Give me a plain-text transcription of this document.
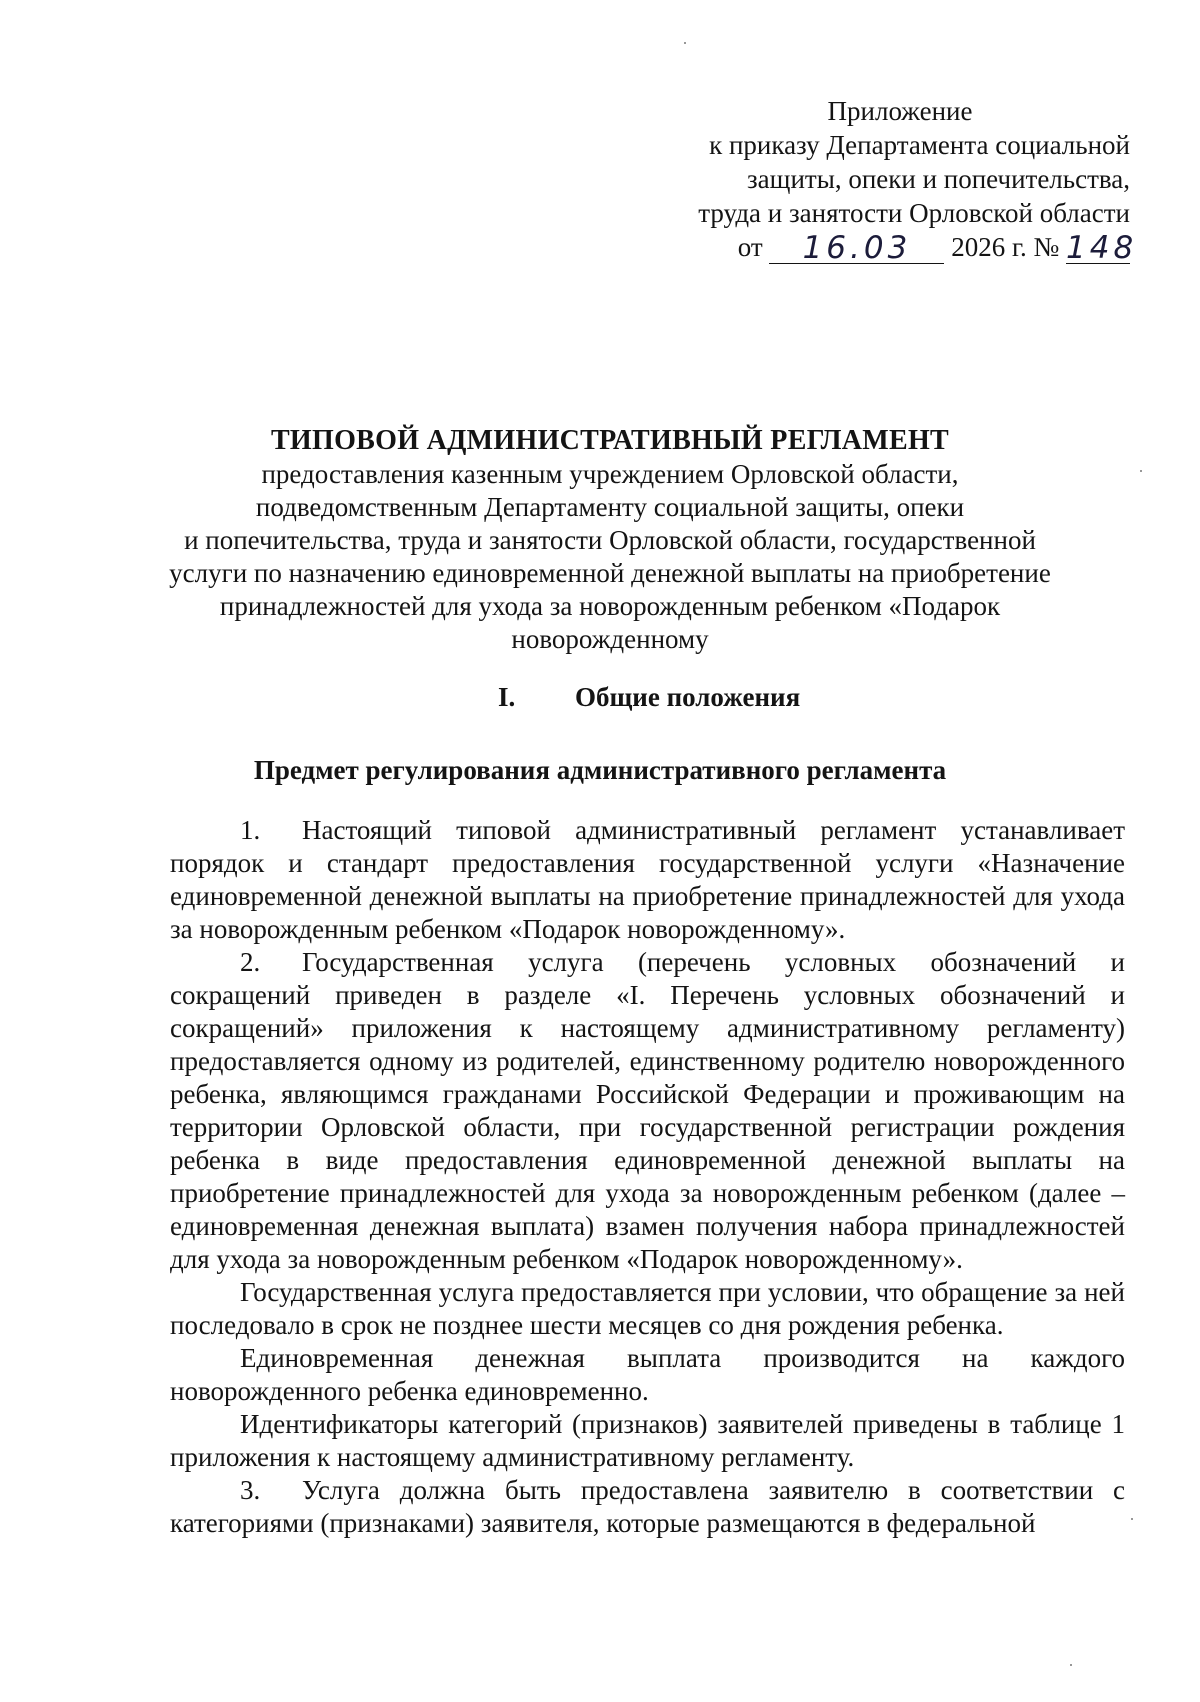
Приложение
к приказу Департамента социальной
защиты, опеки и попечительства,
труда и занятости Орловской области
от 16.03 2026 г. № 148
ТИПОВОЙ АДМИНИСТРАТИВНЫЙ РЕГЛАМЕНТ
предоставления казенным учреждением Орловской области,
подведомственным Департаменту социальной защиты, опеки
и попечительства, труда и занятости Орловской области, государственной
услуги по назначению единовременной денежной выплаты на приобретение
принадлежностей для ухода за новорожденным ребенком «Подарок
новорожденному
I. Общие положения
Предмет регулирования административного регламента

1. Настоящий типовой административный регламент устанавливает порядок и стандарт предоставления государственной услуги «Назначение единовременной денежной выплаты на приобретение принадлежностей для ухода за новорожденным ребенком «Подарок новорожденному».

2. Государственная услуга (перечень условных обозначений и сокращений приведен в разделе «I. Перечень условных обозначений и сокращений» приложения к настоящему административному регламенту) предоставляется одному из родителей, единственному родителю новорожденного ребенка, являющимся гражданами Российской Федерации и проживающим на территории Орловской области, при государственной регистрации рождения ребенка в виде предоставления единовременной денежной выплаты на приобретение принадлежностей для ухода за новорожденным ребенком (далее – единовременная денежная выплата) взамен получения набора принадлежностей для ухода за новорожденным ребенком «Подарок новорожденному».

Государственная услуга предоставляется при условии, что обращение за ней последовало в срок не позднее шести месяцев со дня рождения ребенка.

Единовременная денежная выплата производится на каждого новорожденного ребенка единовременно.

Идентификаторы категорий (признаков) заявителей приведены в таблице 1 приложения к настоящему административному регламенту.

3. Услуга должна быть предоставлена заявителю в соответствии с категориями (признаками) заявителя, которые размещаются в федеральной
